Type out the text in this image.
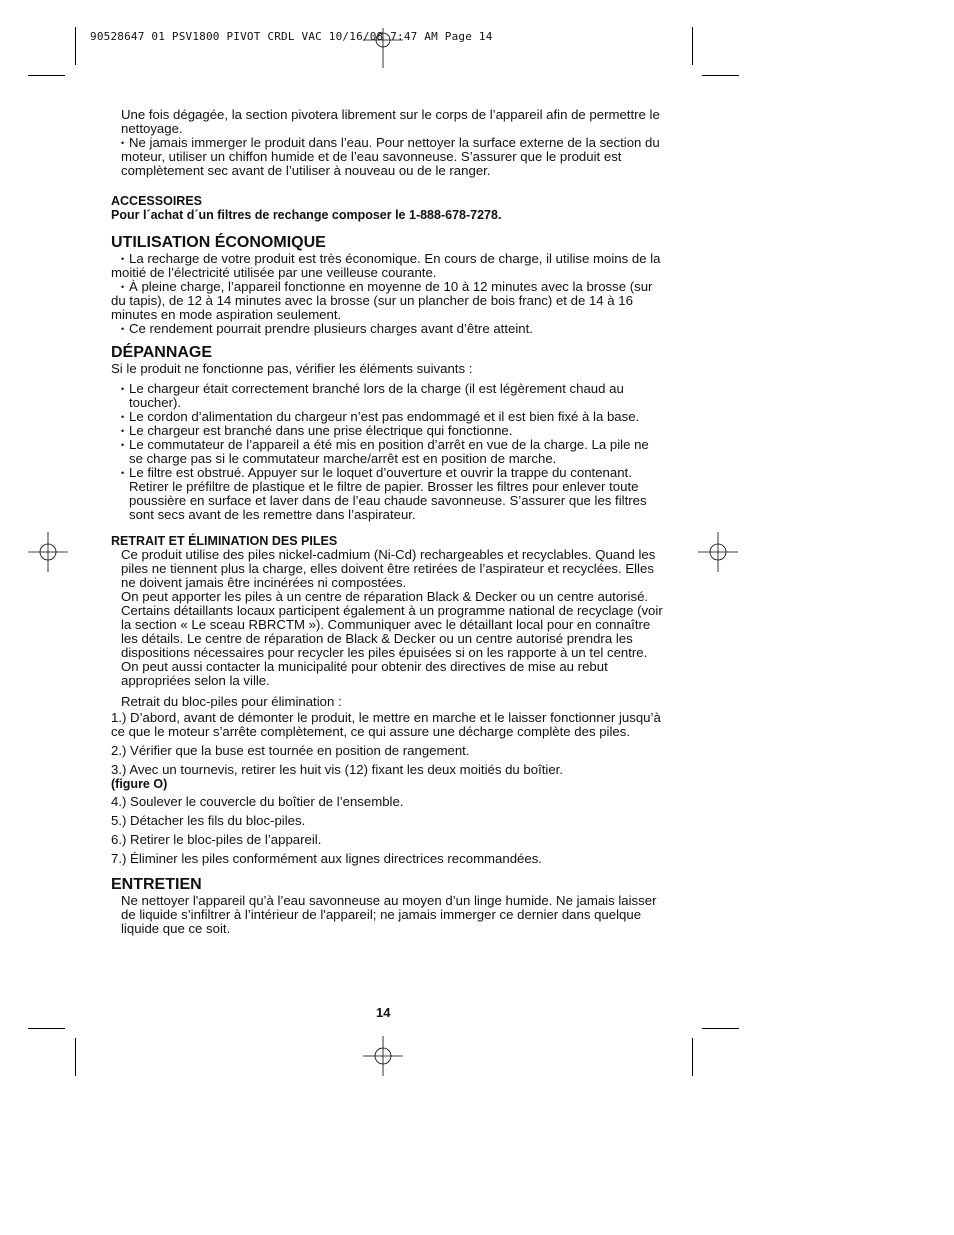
90528647 01 PSV1800 PIVOT CRDL VAC 10/16/08 7:47 AM Page 14

Une fois dégagée, la section pivotera librement sur le corps de l’appareil afin de permettre le nettoyage.

• Ne jamais immerger le produit dans l’eau. Pour nettoyer la surface externe de la section du moteur, utiliser un chiffon humide et de l’eau savonneuse. S’assurer que le produit est complètement sec avant de l’utiliser à nouveau ou de le ranger.

ACCESSOIRES

Pour l´achat d´un filtres de rechange composer le 1-888-678-7278.

UTILISATION ÉCONOMIQUE

• La recharge de votre produit est très économique. En cours de charge, il utilise moins de la moitié de l’électricité utilisée par une veilleuse courante.

• À pleine charge, l’appareil fonctionne en moyenne de 10 à 12 minutes avec la brosse (sur du tapis), de 12 à 14 minutes avec la brosse (sur un plancher de bois franc) et de 14 à 16 minutes en mode aspiration seulement.

• Ce rendement pourrait prendre plusieurs charges avant d’être atteint.

DÉPANNAGE

Si le produit ne fonctionne pas, vérifier les éléments suivants :

• Le chargeur était correctement branché lors de la charge (il est légèrement chaud au toucher).

• Le cordon d’alimentation du chargeur n’est pas endommagé et il est bien fixé à la base.

• Le chargeur est branché dans une prise électrique qui fonctionne.

• Le commutateur de l’appareil a été mis en position d’arrêt en vue de la charge. La pile ne se charge pas si le commutateur marche/arrêt est en position de marche.

• Le filtre est obstrué. Appuyer sur le loquet d’ouverture et ouvrir la trappe du contenant. Retirer le préfiltre de plastique et le filtre de papier. Brosser les filtres pour enlever toute poussière en surface et laver dans de l’eau chaude savonneuse. S’assurer que les filtres sont secs avant de les remettre dans l’aspirateur.

RETRAIT ET ÉLIMINATION DES PILES

Ce produit utilise des piles nickel-cadmium (Ni-Cd) rechargeables et recyclables. Quand les piles ne tiennent plus la charge, elles doivent être retirées de l’aspirateur et recyclées. Elles ne doivent jamais être incinérées ni compostées.

On peut apporter les piles à un centre de réparation Black & Decker ou un centre autorisé. Certains détaillants locaux participent également à un programme national de recyclage (voir la section « Le sceau RBRCTM »). Communiquer avec le détaillant local pour en connaître les détails. Le centre de réparation de Black & Decker ou un centre autorisé prendra les dispositions nécessaires pour recycler les piles épuisées si on les rapporte à un tel centre. On peut aussi contacter la municipalité pour obtenir des directives de mise au rebut appropriées selon la ville.

Retrait du bloc-piles pour élimination :

1.) D’abord, avant de démonter le produit, le mettre en marche et le laisser fonctionner jusqu’à ce que le moteur s’arrête complètement, ce qui assure une décharge complète des piles.

2.) Vérifier que la buse est tournée en position de rangement.

3.) Avec un tournevis, retirer les huit vis (12) fixant les deux moitiés du boîtier.

(figure O)

4.) Soulever le couvercle du boîtier de l’ensemble.

5.) Détacher les fils du bloc-piles.

6.) Retirer le bloc-piles de l’appareil.

7.) Éliminer les piles conformément aux lignes directrices recommandées.

ENTRETIEN

Ne nettoyer l'appareil qu’à l’eau savonneuse au moyen d’un linge humide. Ne jamais laisser de liquide s’infiltrer à l’intérieur de l'appareil; ne jamais immerger ce dernier dans quelque liquide que ce soit.

14
